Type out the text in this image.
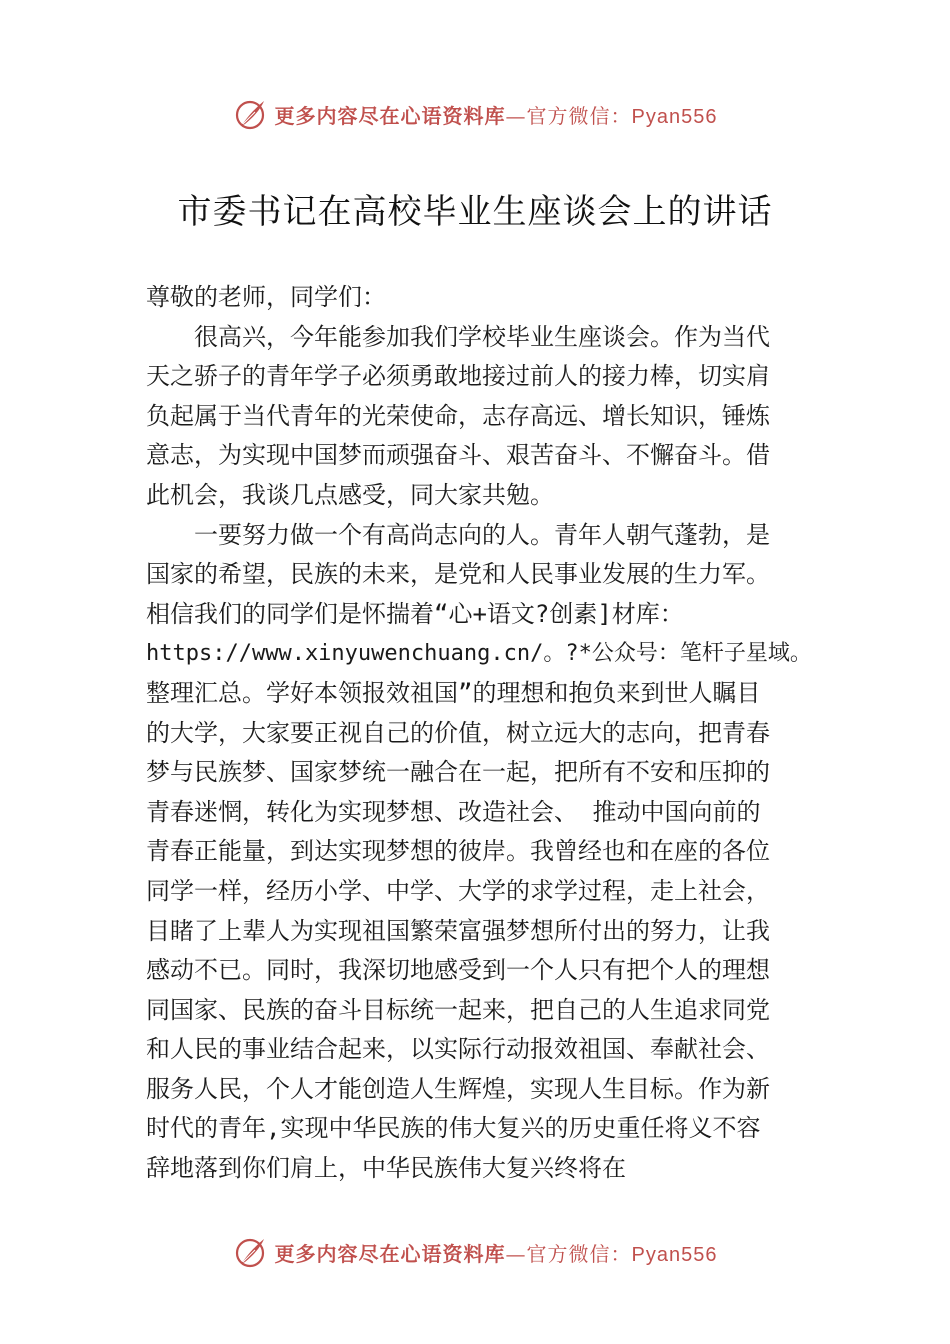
更多内容尽在心语资料库—官方微信：Pyan556
市委书记在高校毕业生座谈会上的讲话
尊敬的老师，同学们：
很高兴，今年能参加我们学校毕业生座谈会。作为当代
天之骄子的青年学子必须勇敢地接过前人的接力棒，切实肩
负起属于当代青年的光荣使命，志存高远、增长知识，锤炼
意志，为实现中国梦而顽强奋斗、艰苦奋斗、不懈奋斗。借
此机会，我谈几点感受，同大家共勉。
一要努力做一个有高尚志向的人。青年人朝气蓬勃，是
国家的希望，民族的未来，是党和人民事业发展的生力军。
相信我们的同学们是怀揣着“心+语文?创素]材库：
https://www.xinyuwenchuang.cn/。?*公众号：笔杆子星域。
整理汇总。学好本领报效祖国”的理想和抱负来到世人瞩目
的大学，大家要正视自己的价值，树立远大的志向，把青春
梦与民族梦、国家梦统一融合在一起，把所有不安和压抑的
青春迷惘，转化为实现梦想、改造社会、 推动中国向前的
青春正能量，到达实现梦想的彼岸。我曾经也和在座的各位
同学一样，经历小学、中学、大学的求学过程，走上社会，
目睹了上辈人为实现祖国繁荣富强梦想所付出的努力，让我
感动不已。同时，我深切地感受到一个人只有把个人的理想
同国家、民族的奋斗目标统一起来，把自己的人生追求同党
和人民的事业结合起来，以实际行动报效祖国、奉献社会、
服务人民，个人才能创造人生辉煌，实现人生目标。作为新
时代的青年,实现中华民族的伟大复兴的历史重任将义不容
辞地落到你们肩上，中华民族伟大复兴终将在
更多内容尽在心语资料库—官方微信：Pyan556
